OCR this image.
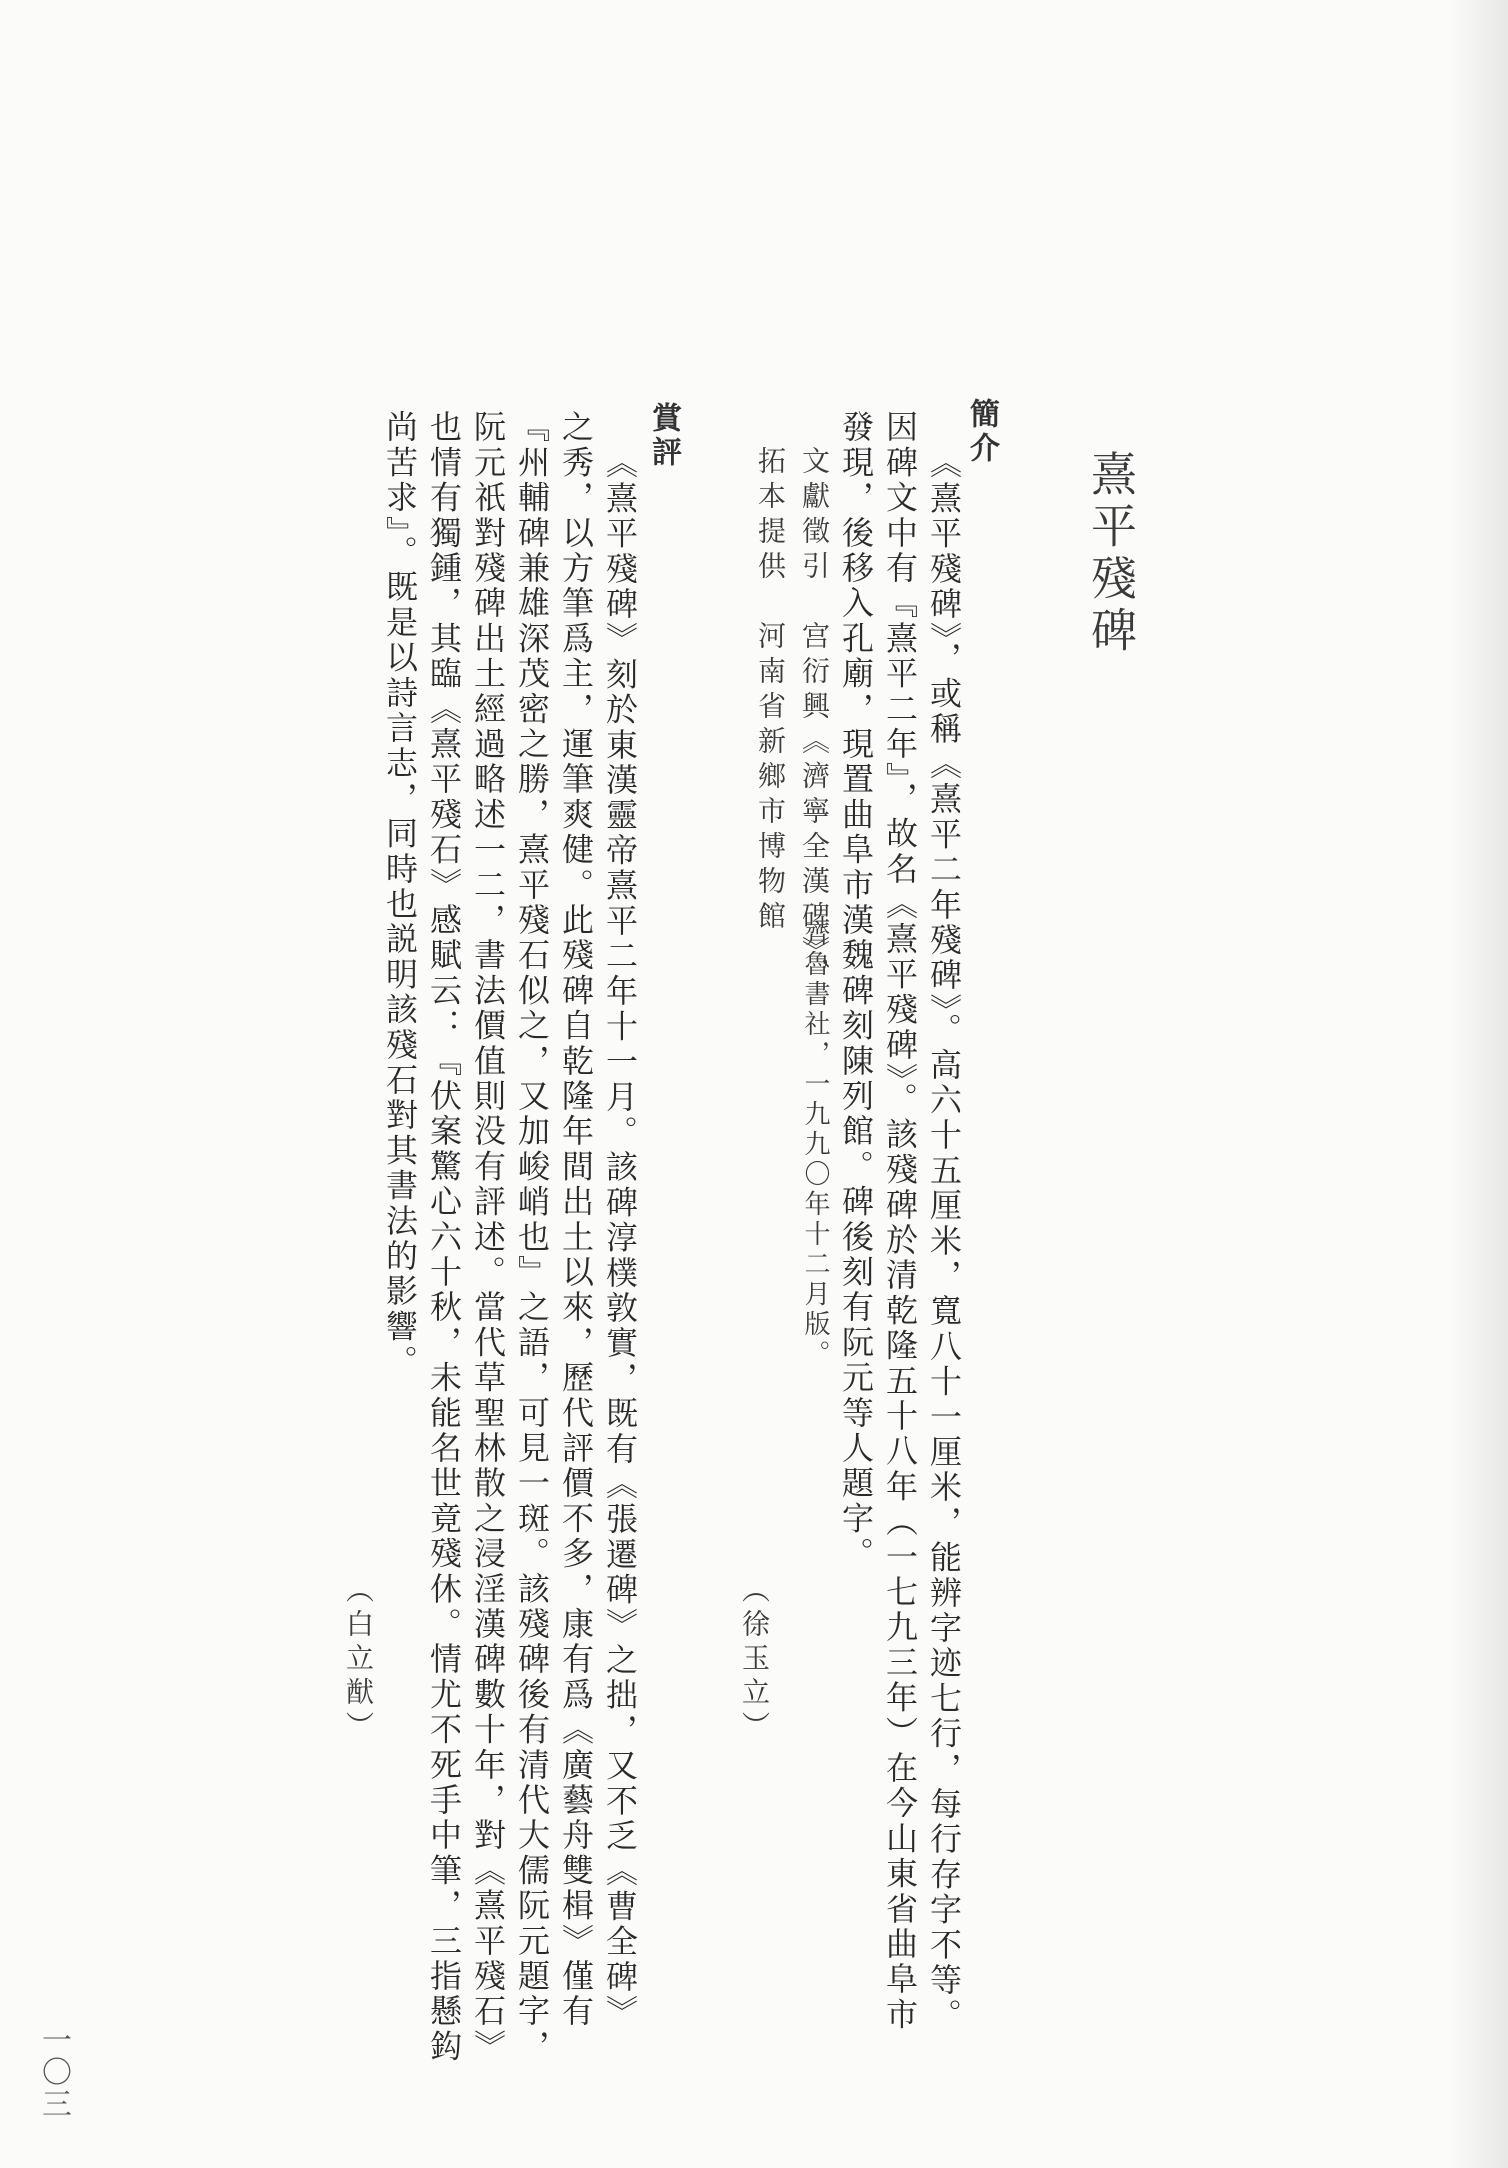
熹平殘碑
簡介
《熹平殘碑》，或稱《熹平二年殘碑》。高六十五厘米，寬八十一厘米，能辨字迹七行，每行存字不等。
因碑文中有『熹平二年』，故名《熹平殘碑》。該殘碑於清乾隆五十八年（一七九三年）在今山東省曲阜市
發現，後移入孔廟，現置曲阜市漢魏碑刻陳列館。碑後刻有阮元等人題字。
文獻徵引　宫衍興《濟寧全漢碑》，
齊魯書社，一九九〇年十二月版。
拓本提供　河南省新鄉市博物館
（徐玉立）
賞評
《熹平殘碑》刻於東漢靈帝熹平二年十一月。該碑淳樸敦實，既有《張遷碑》之拙，又不乏《曹全碑》
之秀，以方筆爲主，運筆爽健。此殘碑自乾隆年間出土以來，歷代評價不多，康有爲《廣藝舟雙楫》僅有
『州輔碑兼雄深茂密之勝，熹平殘石似之，又加峻峭也』之語，可見一斑。該殘碑後有清代大儒阮元題字，
阮元祇對殘碑出土經過略述一二，書法價值則没有評述。當代草聖林散之浸淫漢碑數十年，對《熹平殘石》
也情有獨鍾，其臨《熹平殘石》感賦云：『伏案驚心六十秋，未能名世竟殘休。情尤不死手中筆，三指懸鈎
尚苦求』。既是以詩言志，同時也説明該殘石對其書法的影響。
（白立猷）
一〇三
